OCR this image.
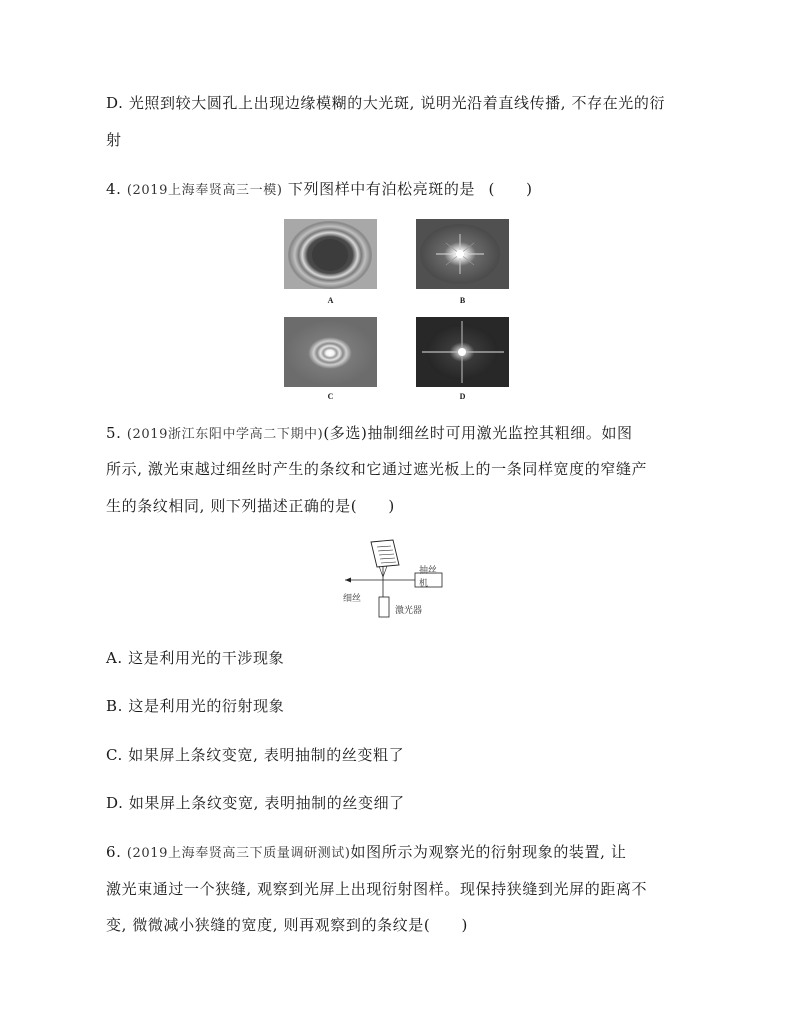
D. 光照到较大圆孔上出现边缘模糊的大光斑, 说明光沿着直线传播, 不存在光的衍
射
4. (2019上海奉贤高三一模) 下列图样中有泊松亮斑的是 (　　)
A	B
C	D
5. (2019浙江东阳中学高二下期中)(多选)抽制细丝时可用激光监控其粗细。如图
所示, 激光束越过细丝时产生的条纹和它通过遮光板上的一条同样宽度的窄缝产
生的条纹相同, 则下列描述正确的是(　　)
抽丝机
细丝
激光器
A. 这是利用光的干涉现象
B. 这是利用光的衍射现象
C. 如果屏上条纹变宽, 表明抽制的丝变粗了
D. 如果屏上条纹变宽, 表明抽制的丝变细了
6. (2019上海奉贤高三下质量调研测试)如图所示为观察光的衍射现象的装置, 让
激光束通过一个狭缝, 观察到光屏上出现衍射图样。现保持狭缝到光屏的距离不
变, 微微减小狭缝的宽度, 则再观察到的条纹是(　　)
